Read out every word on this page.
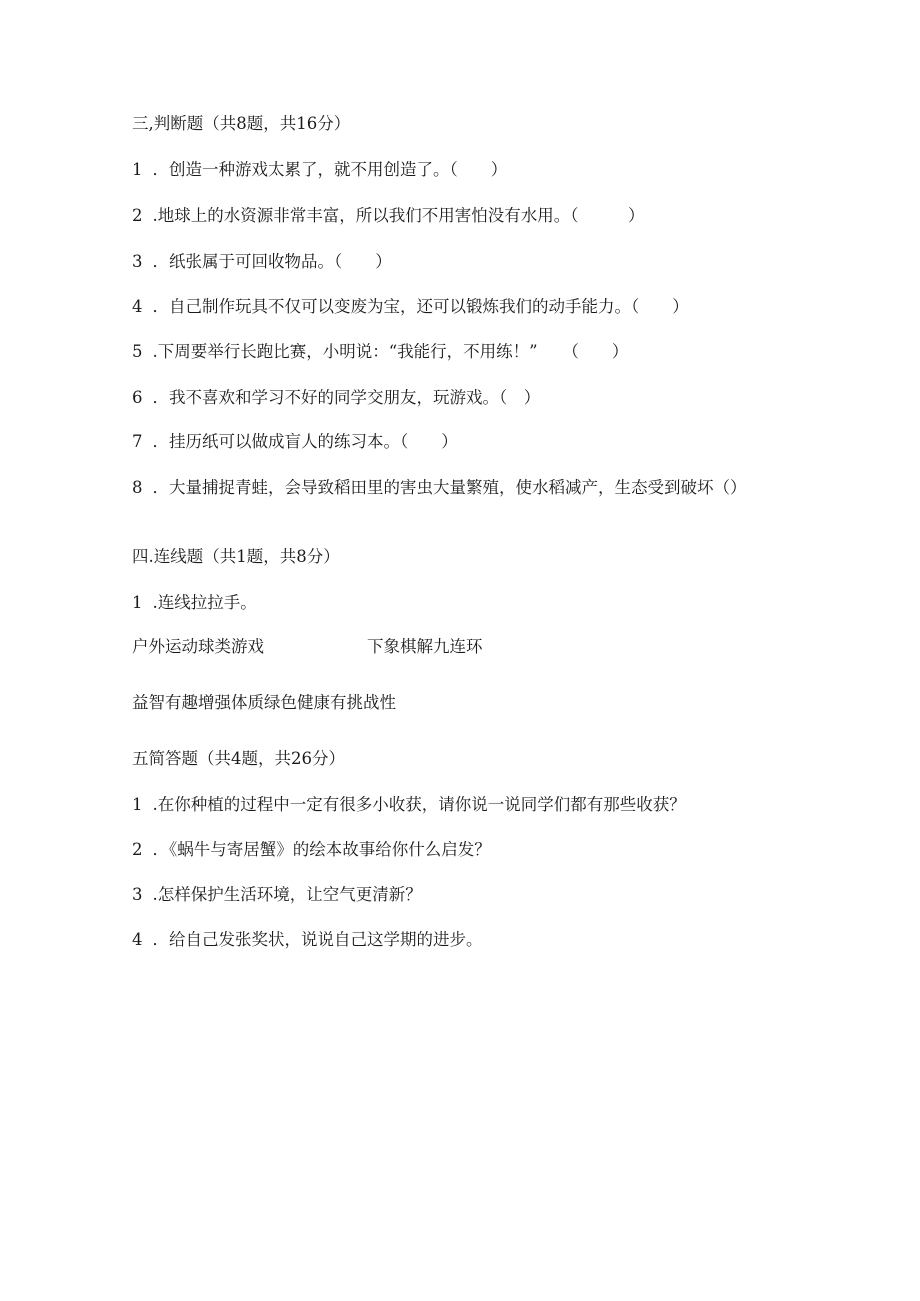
三,判断题（共8题，共16分）
1 ．创造一种游戏太累了，就不用创造了。（　　）
2 .地球上的水资源非常丰富，所以我们不用害怕没有水用。（　　　）
3 ．纸张属于可回收物品。（　　）
4 ．自己制作玩具不仅可以变废为宝，还可以锻炼我们的动手能力。（　　）
5 .下周要举行长跑比赛，小明说：“我能行，不用练！”　　（　　）
6 ．我不喜欢和学习不好的同学交朋友，玩游戏。（　）
7 ．挂历纸可以做成盲人的练习本。（　　）
8 ．大量捕捉青蛙，会导致稻田里的害虫大量繁殖，使水稻减产，生态受到破坏（）
四.连线题（共1题，共8分）
1 .连线拉拉手。
户外运动球类游戏	下象棋解九连环
益智有趣增强体质绿色健康有挑战性
五简答题（共4题，共26分）
1 .在你种植的过程中一定有很多小收获，请你说一说同学们都有那些收获？
2 ．《蜗牛与寄居蟹》的绘本故事给你什么启发？
3 .怎样保护生活环境，让空气更清新？
4 ．给自己发张奖状，说说自己这学期的进步。
